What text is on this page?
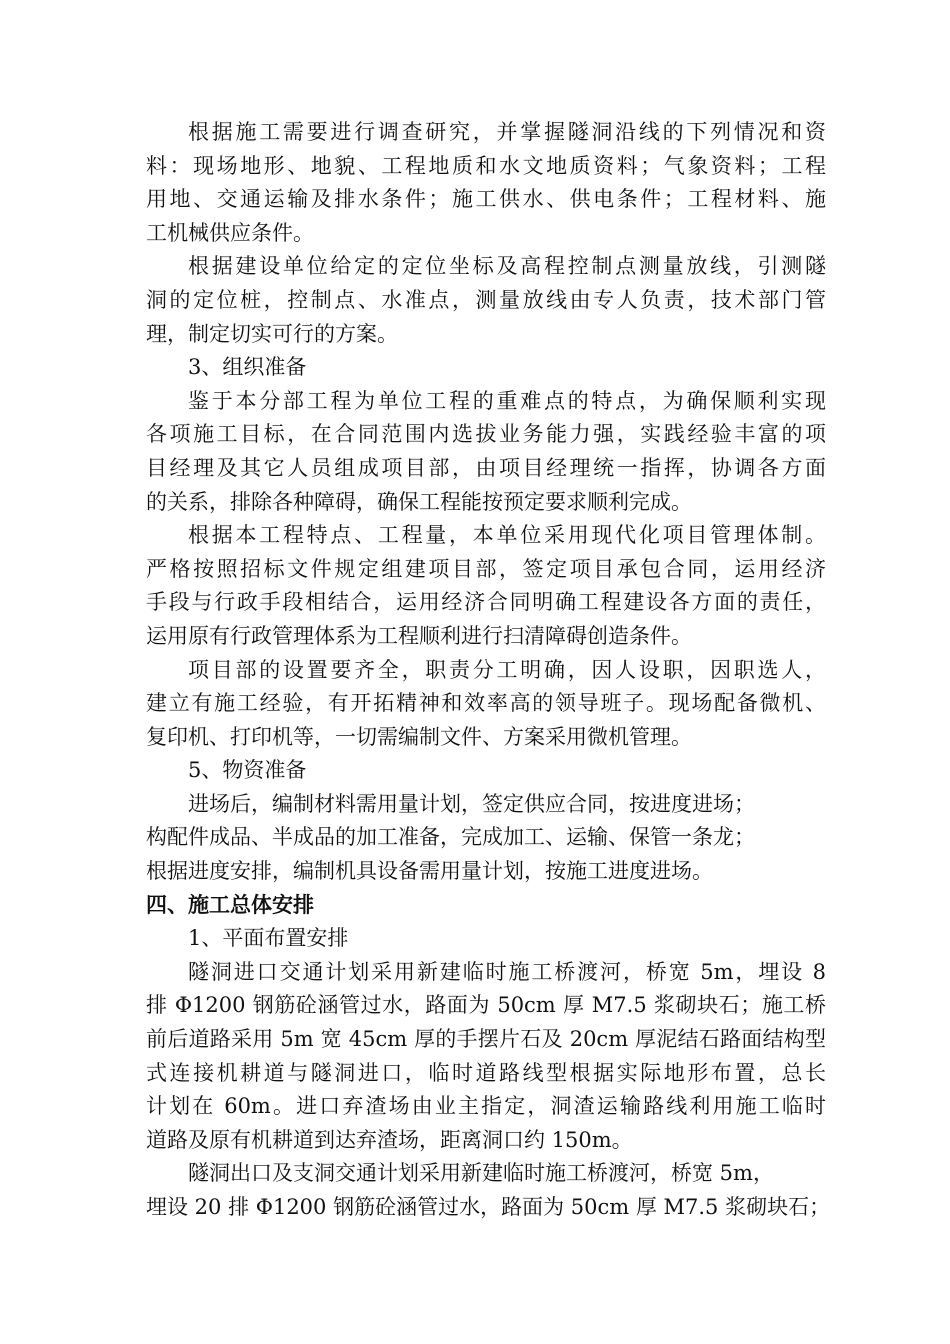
根据施工需要进行调查研究，并掌握隧洞沿线的下列情况和资
料：现场地形、地貌、工程地质和水文地质资料；气象资料；工程
用地、交通运输及排水条件；施工供水、供电条件；工程材料、施
工机械供应条件。
根据建设单位给定的定位坐标及高程控制点测量放线，引测隧
洞的定位桩，控制点、水准点，测量放线由专人负责，技术部门管
理，制定切实可行的方案。
3、组织准备
鉴于本分部工程为单位工程的重难点的特点，为确保顺利实现
各项施工目标，在合同范围内选拔业务能力强，实践经验丰富的项
目经理及其它人员组成项目部，由项目经理统一指挥，协调各方面
的关系，排除各种障碍，确保工程能按预定要求顺利完成。
根据本工程特点、工程量，本单位采用现代化项目管理体制。
严格按照招标文件规定组建项目部，签定项目承包合同，运用经济
手段与行政手段相结合，运用经济合同明确工程建设各方面的责任，
运用原有行政管理体系为工程顺利进行扫清障碍创造条件。
项目部的设置要齐全，职责分工明确，因人设职，因职选人，
建立有施工经验，有开拓精神和效率高的领导班子。现场配备微机、
复印机、打印机等，一切需编制文件、方案采用微机管理。
5、物资准备
进场后，编制材料需用量计划，签定供应合同，按进度进场；
构配件成品、半成品的加工准备，完成加工、运输、保管一条龙；
根据进度安排，编制机具设备需用量计划，按施工进度进场。
四、施工总体安排
1、平面布置安排
隧洞进口交通计划采用新建临时施工桥渡河，桥宽 5m，埋设 8
排 Φ1200 钢筋砼涵管过水，路面为 50cm 厚 M7.5 浆砌块石；施工桥
前后道路采用 5m 宽 45cm 厚的手摆片石及 20cm 厚泥结石路面结构型
式连接机耕道与隧洞进口，临时道路线型根据实际地形布置，总长
计划在 60m。进口弃渣场由业主指定，洞渣运输路线利用施工临时
道路及原有机耕道到达弃渣场，距离洞口约 150m。
隧洞出口及支洞交通计划采用新建临时施工桥渡河，桥宽 5m，
埋设 20 排 Φ1200 钢筋砼涵管过水，路面为 50cm 厚 M7.5 浆砌块石；
